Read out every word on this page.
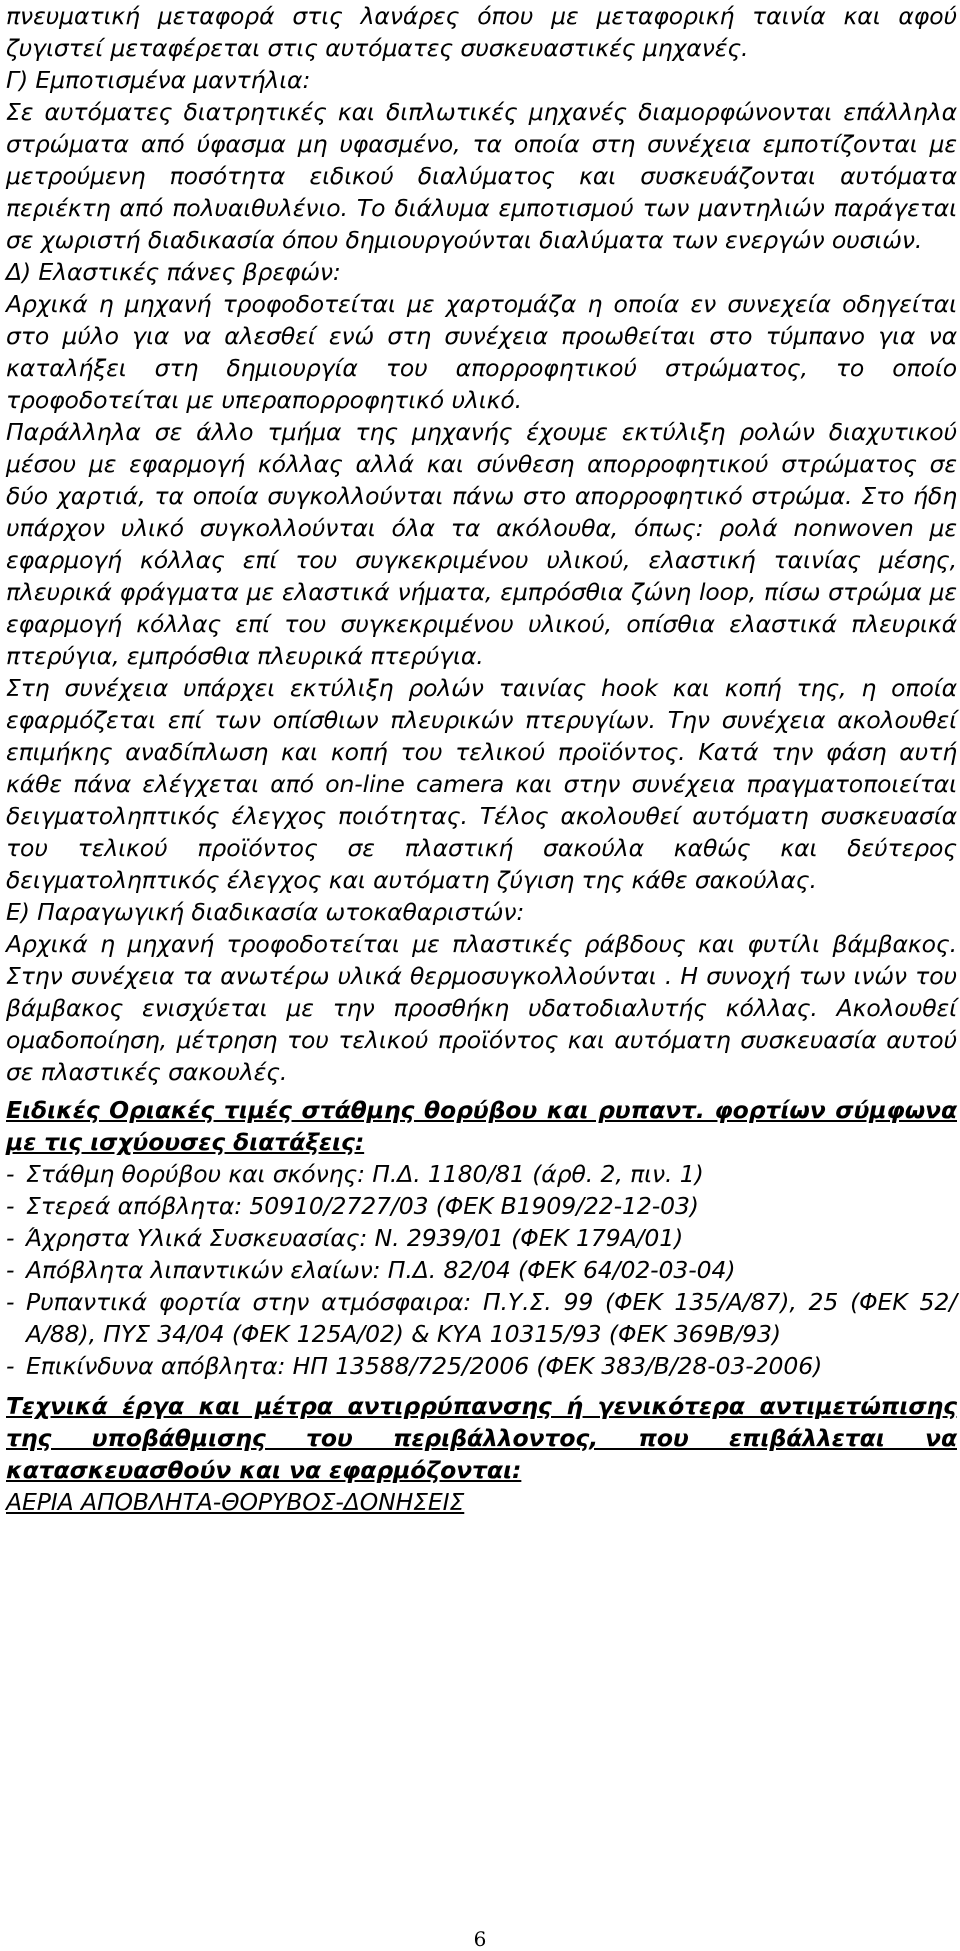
πνευματική μεταφορά στις λανάρες όπου με μεταφορική ταινία και αφού ζυγιστεί μεταφέρεται στις αυτόματες συσκευαστικές μηχανές.

Γ) Εμποτισμένα μαντήλια:

Σε αυτόματες διατρητικές και διπλωτικές μηχανές διαμορφώνονται επάλληλα στρώματα από ύφασμα μη υφασμένο, τα οποία στη συνέχεια εμποτίζονται με μετρούμενη ποσότητα ειδικού διαλύματος και συσκευάζονται αυτόματα περιέκτη από πολυαιθυλένιο. Το διάλυμα εμποτισμού των μαντηλιών παράγεται σε χωριστή διαδικασία όπου δημιουργούνται διαλύματα των ενεργών ουσιών.

Δ) Ελαστικές πάνες βρεφών:

Αρχικά η μηχανή τροφοδοτείται με χαρτομάζα η οποία εν συνεχεία οδηγείται στο μύλο για να αλεσθεί ενώ στη συνέχεια προωθείται στο τύμπανο για να καταλήξει στη δημιουργία του απορροφητικού στρώματος, το οποίο τροφοδοτείται με υπεραπορροφητικό υλικό.

Παράλληλα σε άλλο τμήμα της μηχανής έχουμε εκτύλιξη ρολών διαχυτικού μέσου με εφαρμογή κόλλας αλλά και σύνθεση απορροφητικού στρώματος σε δύο χαρτιά, τα οποία συγκολλούνται πάνω στο απορροφητικό στρώμα. Στο ήδη υπάρχον υλικό συγκολλούνται όλα τα ακόλουθα, όπως: ρολά nonwoven με εφαρμογή κόλλας επί του συγκεκριμένου υλικού, ελαστική ταινίας μέσης, πλευρικά φράγματα με ελαστικά νήματα, εμπρόσθια ζώνη loop, πίσω στρώμα με εφαρμογή κόλλας επί του συγκεκριμένου υλικού, οπίσθια ελαστικά πλευρικά πτερύγια, εμπρόσθια πλευρικά πτερύγια.

Στη συνέχεια υπάρχει εκτύλιξη ρολών ταινίας hook και κοπή της, η οποία εφαρμόζεται επί των οπίσθιων πλευρικών πτερυγίων. Την συνέχεια ακολουθεί επιμήκης αναδίπλωση και κοπή του τελικού προϊόντος. Κατά την φάση αυτή κάθε πάνα ελέγχεται από on-line camera και στην συνέχεια πραγματοποιείται δειγματοληπτικός έλεγχος ποιότητας. Τέλος ακολουθεί αυτόματη συσκευασία του τελικού προϊόντος σε πλαστική σακούλα καθώς και δεύτερος δειγματοληπτικός έλεγχος και αυτόματη ζύγιση της κάθε σακούλας.

Ε) Παραγωγική διαδικασία ωτοκαθαριστών:

Αρχικά η μηχανή τροφοδοτείται με πλαστικές ράβδους και φυτίλι βάμβακος. Στην συνέχεια τα ανωτέρω υλικά θερμοσυγκολλούνται . Η συνοχή των ινών του βάμβακος ενισχύεται με την προσθήκη υδατοδιαλυτής κόλλας. Ακολουθεί ομαδοποίηση, μέτρηση του τελικού προϊόντος και αυτόματη συσκευασία αυτού σε πλαστικές σακουλές.

Ειδικές Οριακές τιμές στάθμης θορύβου και ρυπαντ. φορτίων σύμφωνα με τις ισχύουσες διατάξεις:

- Στάθμη θορύβου και σκόνης: Π.Δ. 1180/81 (άρθ. 2, πιν. 1)
- Στερεά απόβλητα: 50910/2727/03 (ΦΕΚ Β1909/22-12-03)
- Άχρηστα Υλικά Συσκευασίας: Ν. 2939/01 (ΦΕΚ 179Α/01)
- Απόβλητα λιπαντικών ελαίων: Π.Δ. 82/04 (ΦΕΚ 64/02-03-04)
- Ρυπαντικά φορτία στην ατμόσφαιρα: Π.Υ.Σ. 99 (ΦΕΚ 135/Α/87), 25 (ΦΕΚ 52/Α/88), ΠΥΣ 34/04 (ΦΕΚ 125Α/02) & ΚΥΑ 10315/93 (ΦΕΚ 369Β/93)
- Επικίνδυνα απόβλητα: ΗΠ 13588/725/2006 (ΦΕΚ 383/Β/28-03-2006)

Τεχνικά έργα και μέτρα αντιρρύπανσης ή γενικότερα αντιμετώπισης της υποβάθμισης του περιβάλλοντος, που επιβάλλεται να κατασκευασθούν και να εφαρμόζονται:

ΑΕΡΙΑ ΑΠΟΒΛΗΤΑ-ΘΟΡΥΒΟΣ-ΔΟΝΗΣΕΙΣ

6
